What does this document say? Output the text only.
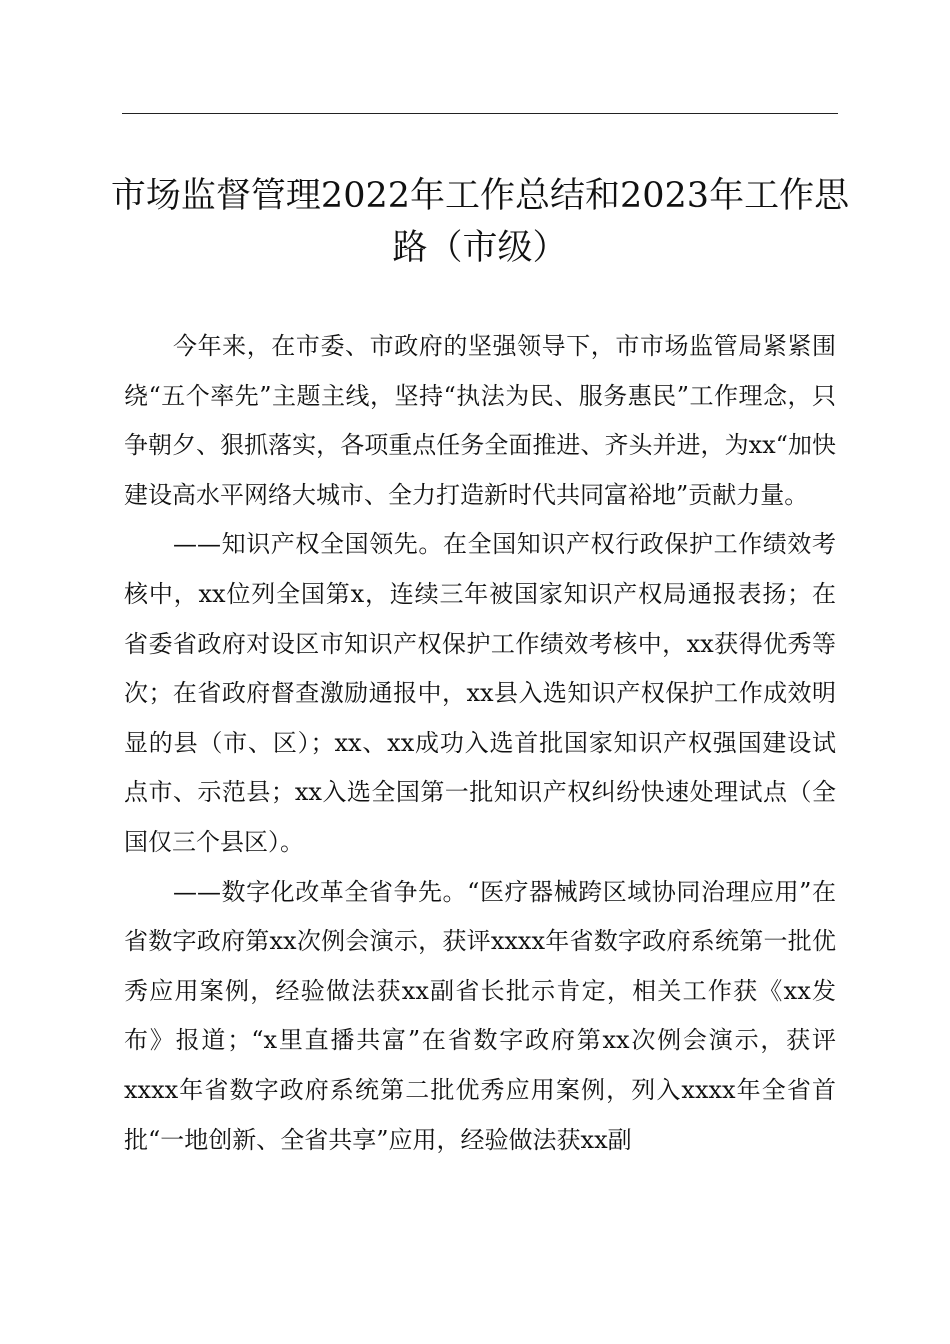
市场监督管理2022年工作总结和2023年工作思路（市级）

今年来，在市委、市政府的坚强领导下，市市场监管局紧紧围绕“五个率先”主题主线，坚持“执法为民、服务惠民”工作理念，只争朝夕、狠抓落实，各项重点任务全面推进、齐头并进，为xx“加快建设高水平网络大城市、全力打造新时代共同富裕地”贡献力量。

——知识产权全国领先。在全国知识产权行政保护工作绩效考核中，xx位列全国第x，连续三年被国家知识产权局通报表扬；在省委省政府对设区市知识产权保护工作绩效考核中，xx获得优秀等次；在省政府督查激励通报中，xx县入选知识产权保护工作成效明显的县（市、区）；xx、xx成功入选首批国家知识产权强国建设试点市、示范县；xx入选全国第一批知识产权纠纷快速处理试点（全国仅三个县区）。

——数字化改革全省争先。“医疗器械跨区域协同治理应用”在省数字政府第xx次例会演示，获评xxxx年省数字政府系统第一批优秀应用案例，经验做法获xx副省长批示肯定，相关工作获《xx发布》报道；“x里直播共富”在省数字政府第xx次例会演示，获评xxxx年省数字政府系统第二批优秀应用案例，列入xxxx年全省首批“一地创新、全省共享”应用，经验做法获xx副
